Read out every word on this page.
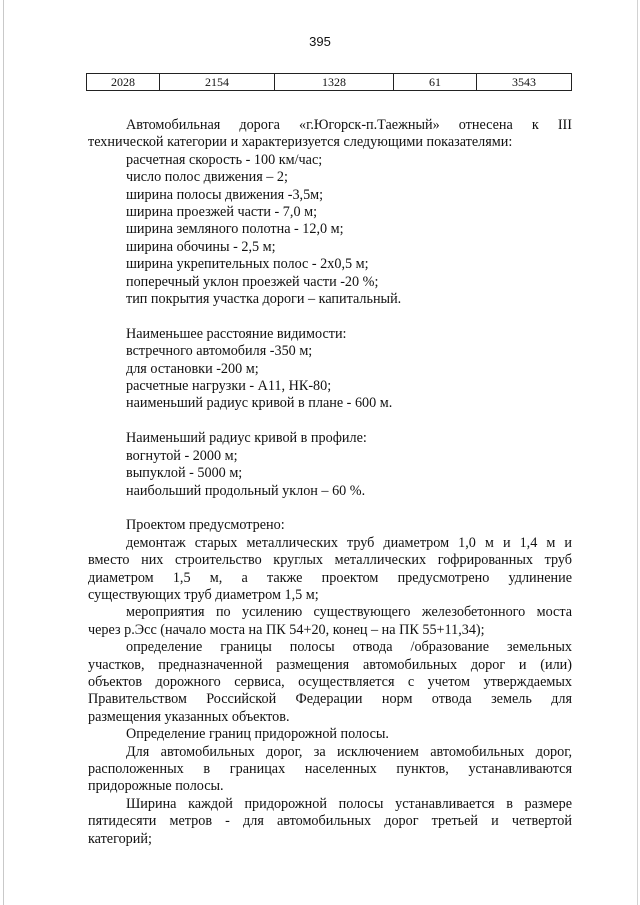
395
2028	2154	1328	61	3543

Автомобильная дорога «г.Югорск-п.Таежный» отнесена к III

технической категории и характеризуется следующими показателями:

расчетная скорость - 100 км/час;

число полос движения – 2;

ширина полосы движения -3,5м;

ширина проезжей части - 7,0 м;

ширина земляного полотна - 12,0 м;

ширина обочины - 2,5 м;

ширина укрепительных полос - 2х0,5 м;

поперечный уклон проезжей части -20 %;

тип покрытия участка дороги – капитальный.

Наименьшее расстояние видимости:

встречного автомобиля -350 м;

для остановки -200 м;

расчетные нагрузки - А11, НК-80;

наименьший радиус кривой в плане - 600 м.

Наименьший радиус кривой в профиле:

вогнутой - 2000 м;

выпуклой - 5000 м;

наибольший продольный уклон – 60 %.

Проектом предусмотрено:

демонтаж старых металлических труб диаметром 1,0 м и 1,4 м и

вместо них строительство круглых металлических гофрированных труб

диаметром 1,5 м, а также проектом предусмотрено удлинение

существующих труб диаметром 1,5 м;

мероприятия по усилению существующего железобетонного моста

через р.Эсс (начало моста на ПК 54+20, конец – на ПК 55+11,34);

определение границы полосы отвода /образование земельных

участков, предназначенной размещения автомобильных дорог и (или)

объектов дорожного сервиса, осуществляется с учетом утверждаемых

Правительством Российской Федерации норм отвода земель для

размещения указанных объектов.

Определение границ придорожной полосы.

Для автомобильных дорог, за исключением автомобильных дорог,

расположенных в границах населенных пунктов, устанавливаются

придорожные полосы.

Ширина каждой придорожной полосы устанавливается в размере

пятидесяти метров - для автомобильных дорог третьей и четвертой

категорий;
